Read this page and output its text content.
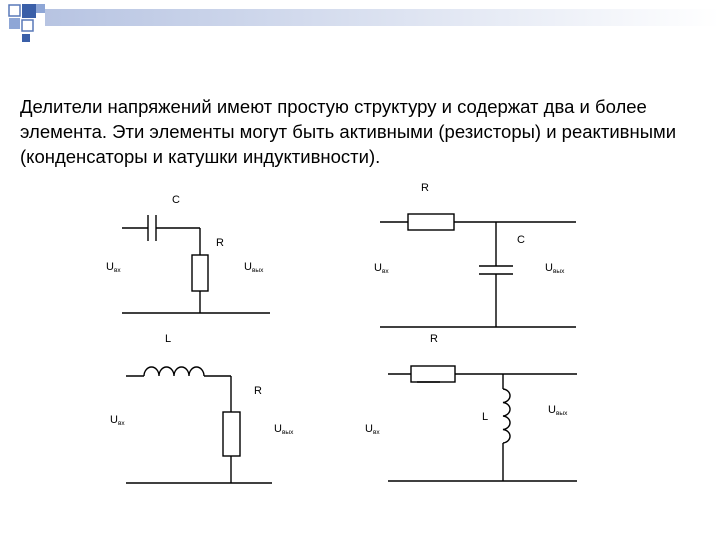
Делители напряжений имеют простую структуру и содержат два и более элемента. Эти элементы могут быть активными (резисторы) и реактивными (конденсаторы и катушки индуктивности).

C
R
Uвх	Uвых
R
C
Uвх	Uвых
L
R
Uвх	Uвых
R
L
Uвх
Uвых
